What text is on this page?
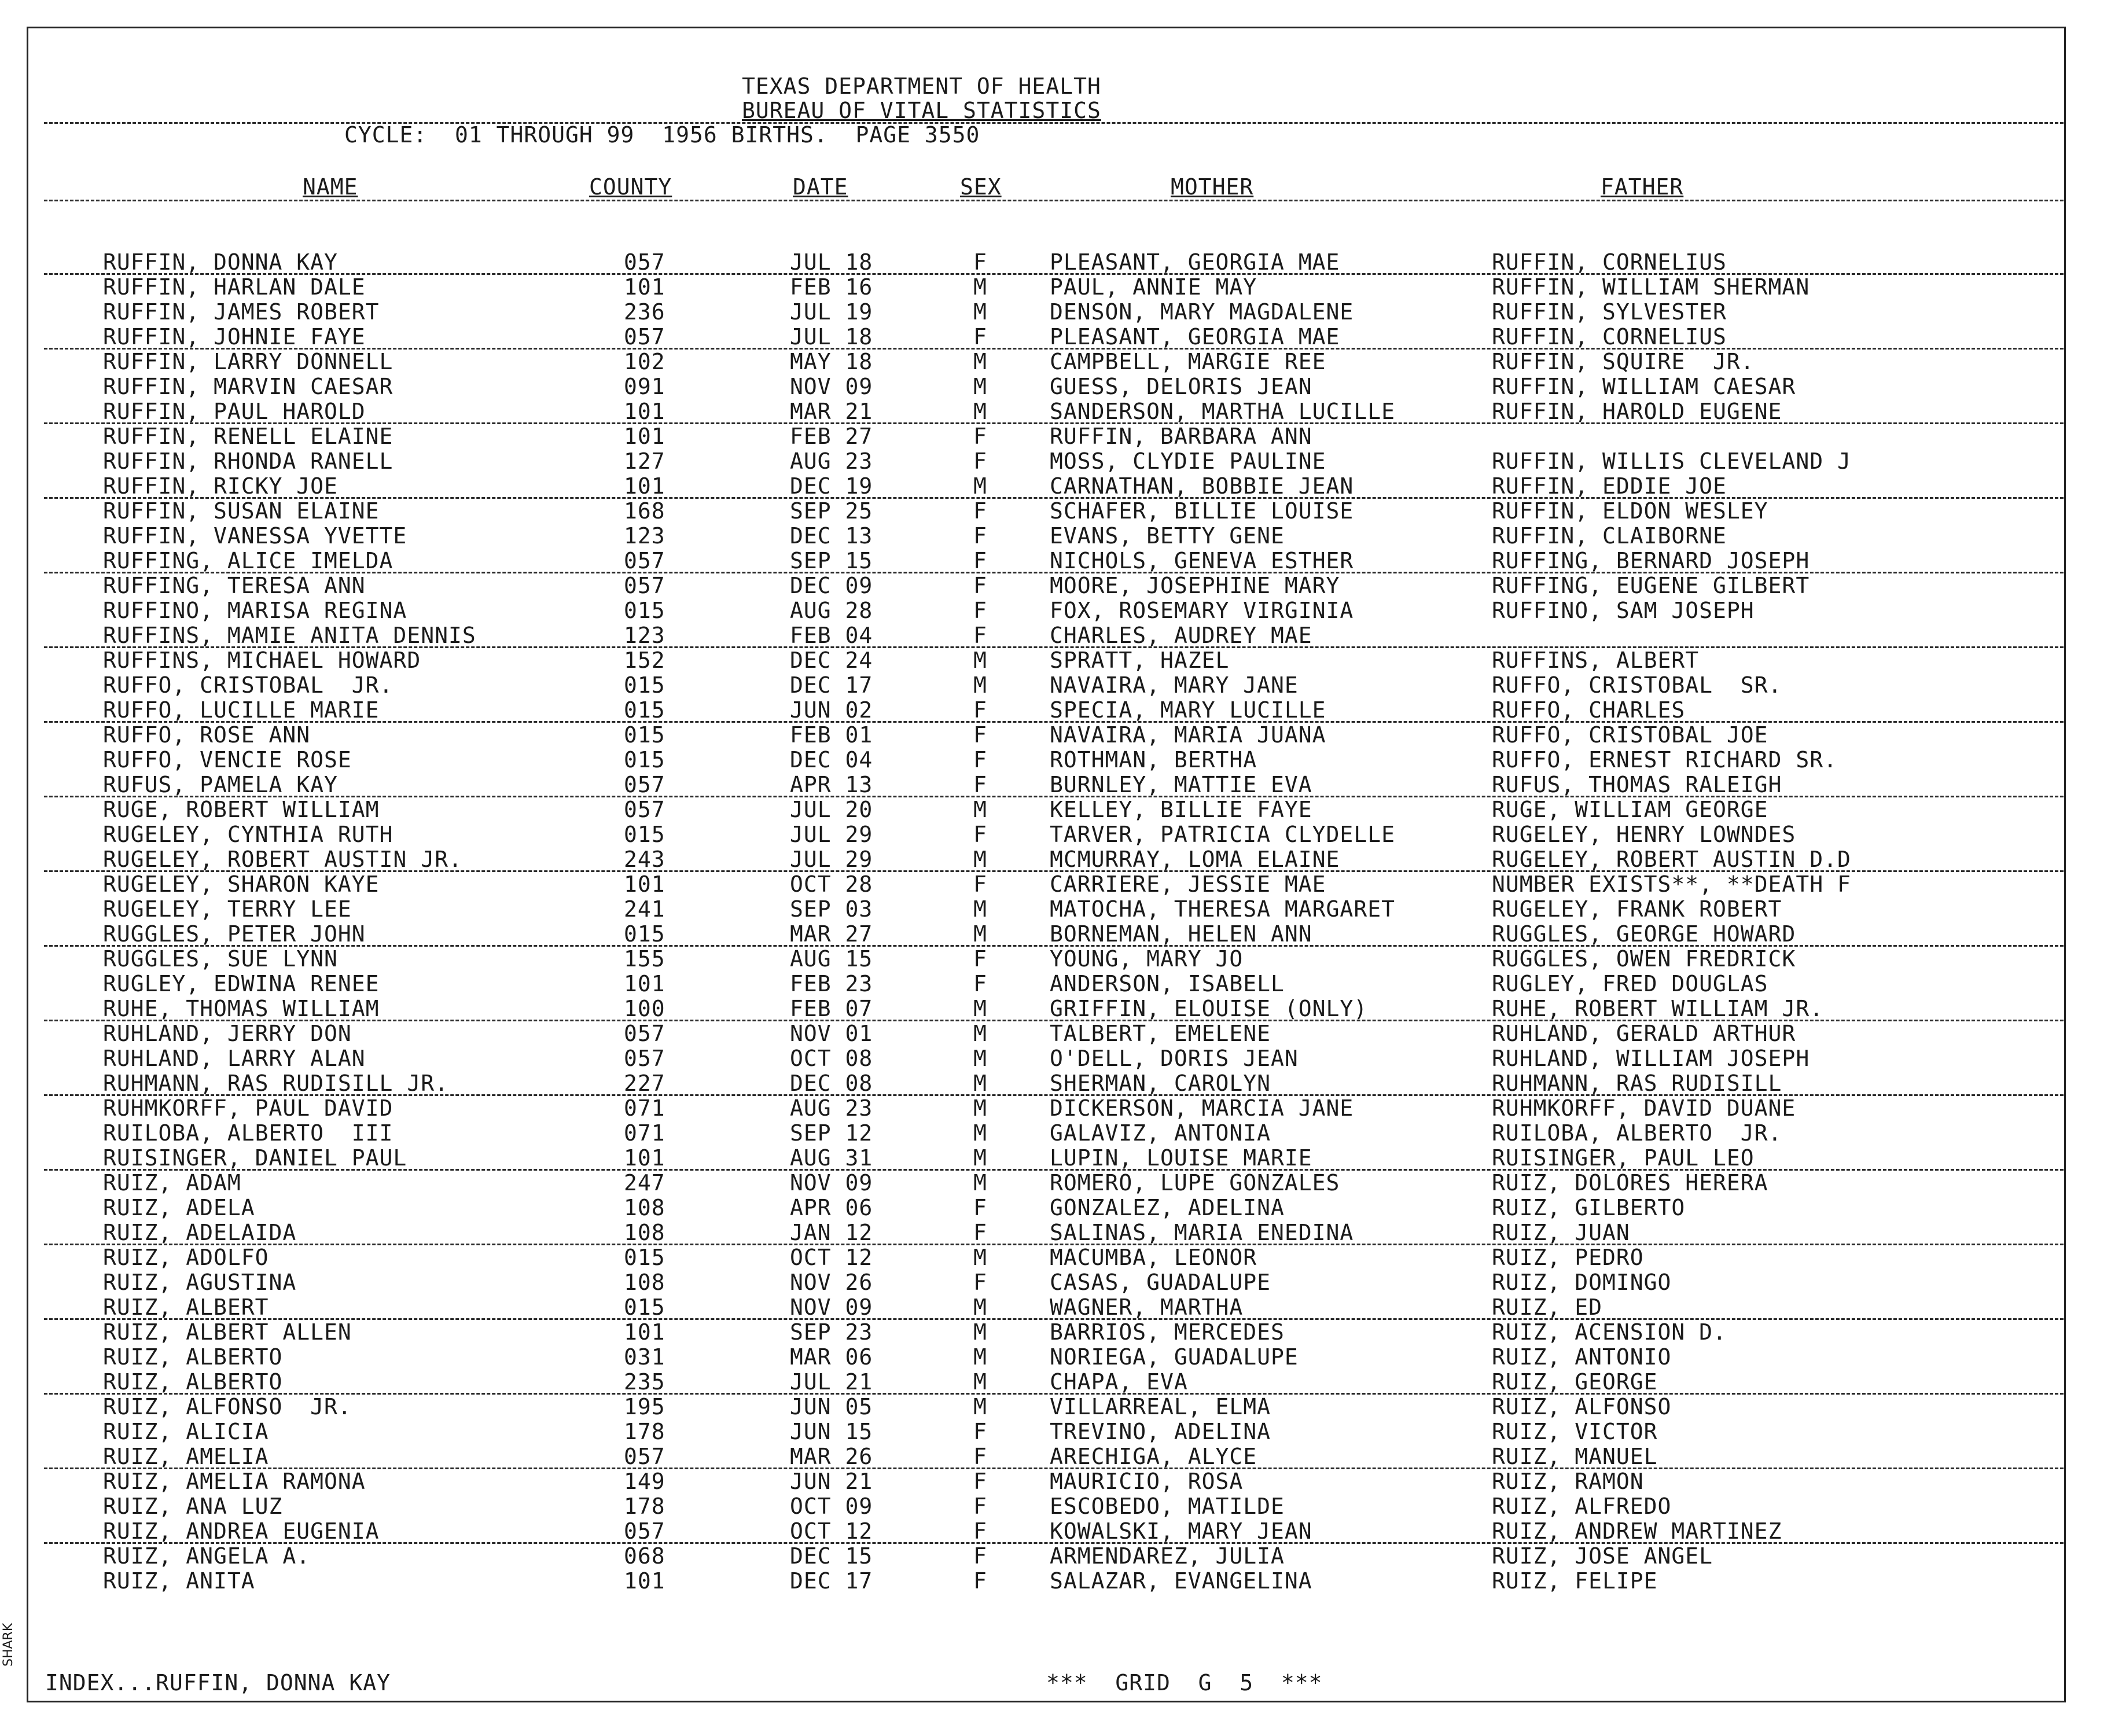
TEXAS DEPARTMENT OF HEALTH
BUREAU OF VITAL STATISTICS
CYCLE:  01 THROUGH 99  1956 BIRTHS.  PAGE 3550
NAME	COUNTY	DATE	SEX	MOTHER	FATHER
RUFFIN, DONNA KAY	057	JUL 18	F	PLEASANT, GEORGIA MAE	RUFFIN, CORNELIUS
RUFFIN, HARLAN DALE	101	FEB 16	M	PAUL, ANNIE MAY	RUFFIN, WILLIAM SHERMAN
RUFFIN, JAMES ROBERT	236	JUL 19	M	DENSON, MARY MAGDALENE	RUFFIN, SYLVESTER
RUFFIN, JOHNIE FAYE	057	JUL 18	F	PLEASANT, GEORGIA MAE	RUFFIN, CORNELIUS
RUFFIN, LARRY DONNELL	102	MAY 18	M	CAMPBELL, MARGIE REE	RUFFIN, SQUIRE  JR.
RUFFIN, MARVIN CAESAR	091	NOV 09	M	GUESS, DELORIS JEAN	RUFFIN, WILLIAM CAESAR
RUFFIN, PAUL HAROLD	101	MAR 21	M	SANDERSON, MARTHA LUCILLE	RUFFIN, HAROLD EUGENE
RUFFIN, RENELL ELAINE	101	FEB 27	F	RUFFIN, BARBARA ANN
RUFFIN, RHONDA RANELL	127	AUG 23	F	MOSS, CLYDIE PAULINE	RUFFIN, WILLIS CLEVELAND J
RUFFIN, RICKY JOE	101	DEC 19	M	CARNATHAN, BOBBIE JEAN	RUFFIN, EDDIE JOE
RUFFIN, SUSAN ELAINE	168	SEP 25	F	SCHAFER, BILLIE LOUISE	RUFFIN, ELDON WESLEY
RUFFIN, VANESSA YVETTE	123	DEC 13	F	EVANS, BETTY GENE	RUFFIN, CLAIBORNE
RUFFING, ALICE IMELDA	057	SEP 15	F	NICHOLS, GENEVA ESTHER	RUFFING, BERNARD JOSEPH
RUFFING, TERESA ANN	057	DEC 09	F	MOORE, JOSEPHINE MARY	RUFFING, EUGENE GILBERT
RUFFINO, MARISA REGINA	015	AUG 28	F	FOX, ROSEMARY VIRGINIA	RUFFINO, SAM JOSEPH
RUFFINS, MAMIE ANITA DENNIS	123	FEB 04	F	CHARLES, AUDREY MAE
RUFFINS, MICHAEL HOWARD	152	DEC 24	M	SPRATT, HAZEL	RUFFINS, ALBERT
RUFFO, CRISTOBAL  JR.	015	DEC 17	M	NAVAIRA, MARY JANE	RUFFO, CRISTOBAL  SR.
RUFFO, LUCILLE MARIE	015	JUN 02	F	SPECIA, MARY LUCILLE	RUFFO, CHARLES
RUFFO, ROSE ANN	015	FEB 01	F	NAVAIRA, MARIA JUANA	RUFFO, CRISTOBAL JOE
RUFFO, VENCIE ROSE	015	DEC 04	F	ROTHMAN, BERTHA	RUFFO, ERNEST RICHARD SR.
RUFUS, PAMELA KAY	057	APR 13	F	BURNLEY, MATTIE EVA	RUFUS, THOMAS RALEIGH
RUGE, ROBERT WILLIAM	057	JUL 20	M	KELLEY, BILLIE FAYE	RUGE, WILLIAM GEORGE
RUGELEY, CYNTHIA RUTH	015	JUL 29	F	TARVER, PATRICIA CLYDELLE	RUGELEY, HENRY LOWNDES
RUGELEY, ROBERT AUSTIN JR.	243	JUL 29	M	MCMURRAY, LOMA ELAINE	RUGELEY, ROBERT AUSTIN D.D
RUGELEY, SHARON KAYE	101	OCT 28	F	CARRIERE, JESSIE MAE	NUMBER EXISTS**, **DEATH F
RUGELEY, TERRY LEE	241	SEP 03	M	MATOCHA, THERESA MARGARET	RUGELEY, FRANK ROBERT
RUGGLES, PETER JOHN	015	MAR 27	M	BORNEMAN, HELEN ANN	RUGGLES, GEORGE HOWARD
RUGGLES, SUE LYNN	155	AUG 15	F	YOUNG, MARY JO	RUGGLES, OWEN FREDRICK
RUGLEY, EDWINA RENEE	101	FEB 23	F	ANDERSON, ISABELL	RUGLEY, FRED DOUGLAS
RUHE, THOMAS WILLIAM	100	FEB 07	M	GRIFFIN, ELOUISE (ONLY)	RUHE, ROBERT WILLIAM JR.
RUHLAND, JERRY DON	057	NOV 01	M	TALBERT, EMELENE	RUHLAND, GERALD ARTHUR
RUHLAND, LARRY ALAN	057	OCT 08	M	O'DELL, DORIS JEAN	RUHLAND, WILLIAM JOSEPH
RUHMANN, RAS RUDISILL JR.	227	DEC 08	M	SHERMAN, CAROLYN	RUHMANN, RAS RUDISILL
RUHMKORFF, PAUL DAVID	071	AUG 23	M	DICKERSON, MARCIA JANE	RUHMKORFF, DAVID DUANE
RUILOBA, ALBERTO  III	071	SEP 12	M	GALAVIZ, ANTONIA	RUILOBA, ALBERTO  JR.
RUISINGER, DANIEL PAUL	101	AUG 31	M	LUPIN, LOUISE MARIE	RUISINGER, PAUL LEO
RUIZ, ADAM	247	NOV 09	M	ROMERO, LUPE GONZALES	RUIZ, DOLORES HERERA
RUIZ, ADELA	108	APR 06	F	GONZALEZ, ADELINA	RUIZ, GILBERTO
RUIZ, ADELAIDA	108	JAN 12	F	SALINAS, MARIA ENEDINA	RUIZ, JUAN
RUIZ, ADOLFO	015	OCT 12	M	MACUMBA, LEONOR	RUIZ, PEDRO
RUIZ, AGUSTINA	108	NOV 26	F	CASAS, GUADALUPE	RUIZ, DOMINGO
RUIZ, ALBERT	015	NOV 09	M	WAGNER, MARTHA	RUIZ, ED
RUIZ, ALBERT ALLEN	101	SEP 23	M	BARRIOS, MERCEDES	RUIZ, ACENSION D.
RUIZ, ALBERTO	031	MAR 06	M	NORIEGA, GUADALUPE	RUIZ, ANTONIO
RUIZ, ALBERTO	235	JUL 21	M	CHAPA, EVA	RUIZ, GEORGE
RUIZ, ALFONSO  JR.	195	JUN 05	M	VILLARREAL, ELMA	RUIZ, ALFONSO
RUIZ, ALICIA	178	JUN 15	F	TREVINO, ADELINA	RUIZ, VICTOR
RUIZ, AMELIA	057	MAR 26	F	ARECHIGA, ALYCE	RUIZ, MANUEL
RUIZ, AMELIA RAMONA	149	JUN 21	F	MAURICIO, ROSA	RUIZ, RAMON
RUIZ, ANA LUZ	178	OCT 09	F	ESCOBEDO, MATILDE	RUIZ, ALFREDO
RUIZ, ANDREA EUGENIA	057	OCT 12	F	KOWALSKI, MARY JEAN	RUIZ, ANDREW MARTINEZ
RUIZ, ANGELA A.	068	DEC 15	F	ARMENDAREZ, JULIA	RUIZ, JOSE ANGEL
RUIZ, ANITA	101	DEC 17	F	SALAZAR, EVANGELINA	RUIZ, FELIPE
INDEX...RUFFIN, DONNA KAY	***  GRID  G  5  ***
SHARK
